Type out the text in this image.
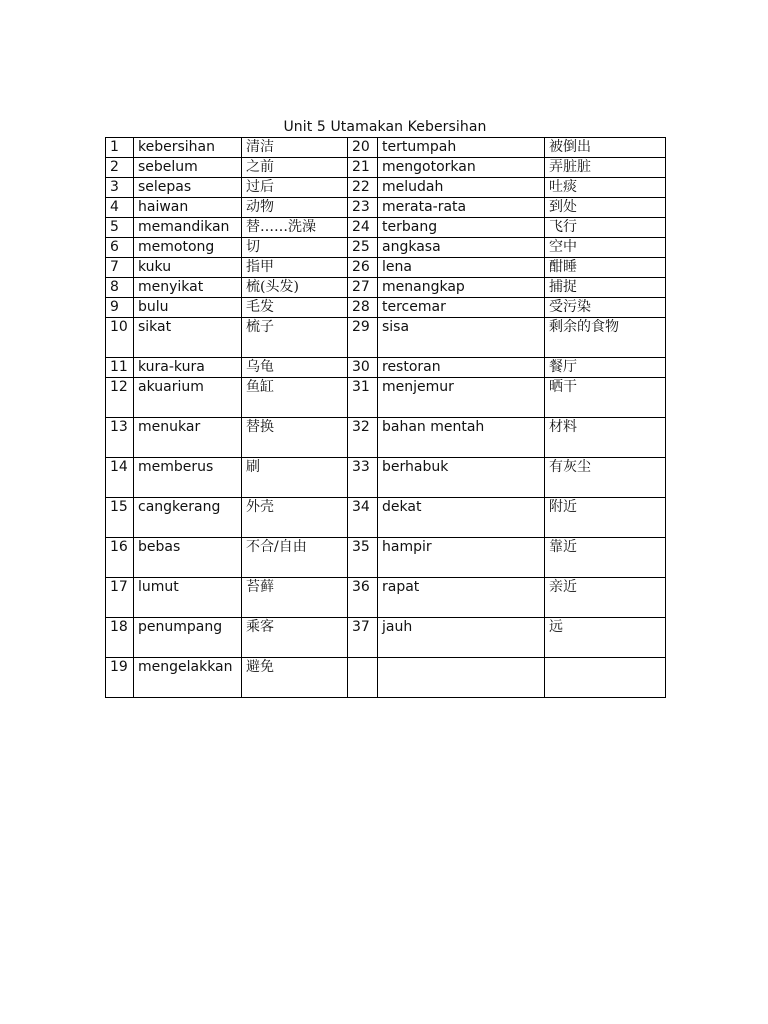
Unit 5 Utamakan Kebersihan
1	kebersihan	清洁	20	tertumpah	被倒出
2	sebelum	之前	21	mengotorkan	弄脏脏
3	selepas	过后	22	meludah	吐痰
4	haiwan	动物	23	merata-rata	到处
5	memandikan	替……洗澡	24	terbang	飞行
6	memotong	切	25	angkasa	空中
7	kuku	指甲	26	lena	酣睡
8	menyikat	梳(头发)	27	menangkap	捕捉
9	bulu	毛发	28	tercemar	受污染
10	sikat	梳子	29	sisa	剩余的食物
11	kura-kura	乌龟	30	restoran	餐厅
12	akuarium	鱼缸	31	menjemur	晒干
13	menukar	替换	32	bahan mentah	材料
14	memberus	刷	33	berhabuk	有灰尘
15	cangkerang	外壳	34	dekat	附近
16	bebas	不合/自由	35	hampir	靠近
17	lumut	苔藓	36	rapat	亲近
18	penumpang	乘客	37	jauh	远
19	mengelakkan	避免			
